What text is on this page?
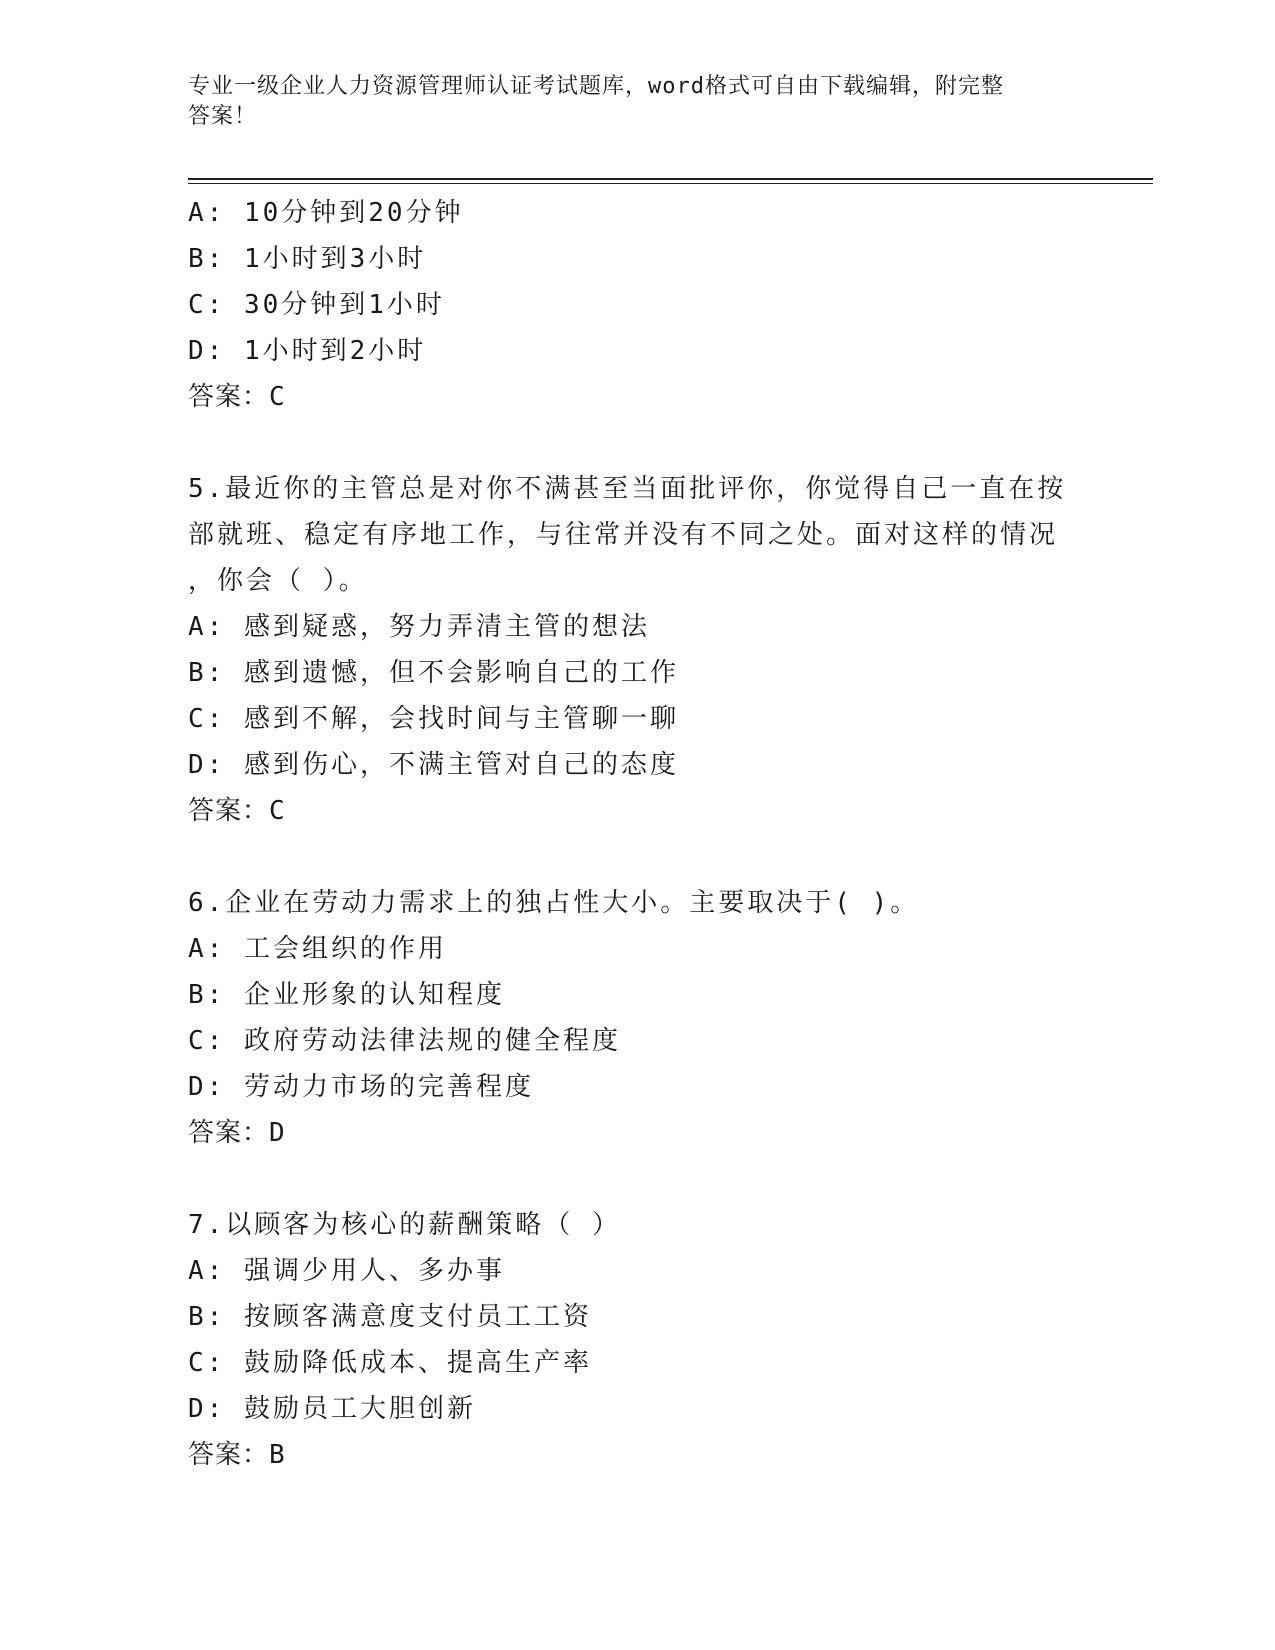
专业一级企业人力资源管理师认证考试题库，word格式可自由下载编辑，附完整
答案！
A: 10分钟到20分钟
B: 1小时到3小时
C: 30分钟到1小时
D: 1小时到2小时
答案：C
5.最近你的主管总是对你不满甚至当面批评你，你觉得自己一直在按
部就班、稳定有序地工作，与往常并没有不同之处。面对这样的情况
，你会（ ）。
A: 感到疑惑，努力弄清主管的想法
B: 感到遗憾，但不会影响自己的工作
C: 感到不解，会找时间与主管聊一聊
D: 感到伤心，不满主管对自己的态度
答案：C
6.企业在劳动力需求上的独占性大小。主要取决于( )。
A: 工会组织的作用
B: 企业形象的认知程度
C: 政府劳动法律法规的健全程度
D: 劳动力市场的完善程度
答案：D
7.以顾客为核心的薪酬策略（ ）
A: 强调少用人、多办事
B: 按顾客满意度支付员工工资
C: 鼓励降低成本、提高生产率
D: 鼓励员工大胆创新
答案：B
